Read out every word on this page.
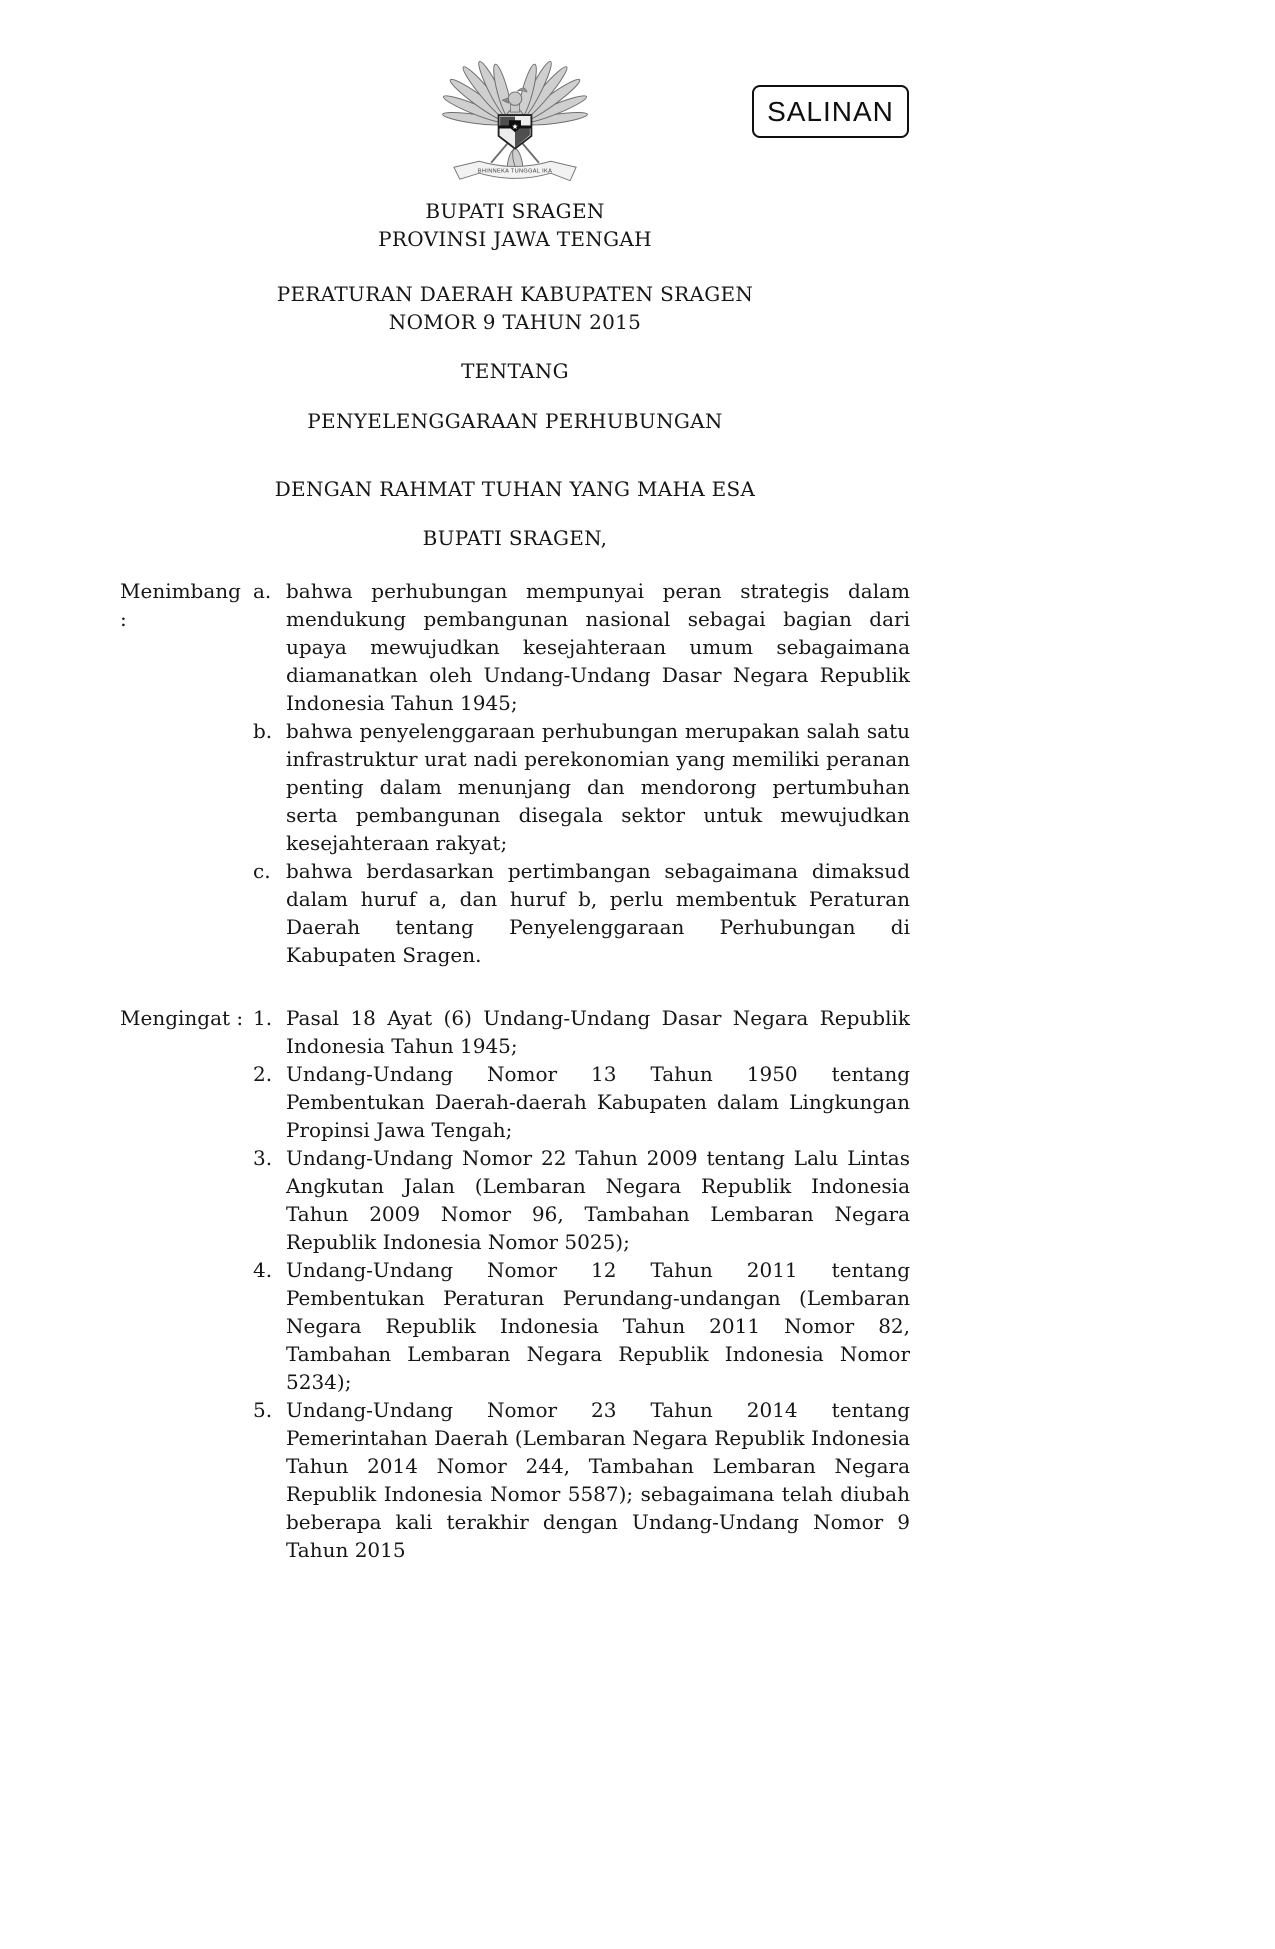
SALINAN
BHINNEKA TUNGGAL IKA
BUPATI SRAGEN
PROVINSI JAWA TENGAH
PERATURAN DAERAH KABUPATEN SRAGEN
NOMOR 9 TAHUN 2015
TENTANG
PENYELENGGARAAN PERHUBUNGAN
DENGAN RAHMAT TUHAN YANG MAHA ESA
BUPATI SRAGEN,
Menimbang :
a. bahwa perhubungan mempunyai peran strategis dalam mendukung pembangunan nasional sebagai bagian dari upaya mewujudkan kesejahteraan umum sebagaimana diamanatkan oleh Undang-Undang Dasar Negara Republik Indonesia Tahun 1945;
b. bahwa penyelenggaraan perhubungan merupakan salah satu infrastruktur urat nadi perekonomian yang memiliki peranan penting dalam menunjang dan mendorong pertumbuhan serta pembangunan disegala sektor untuk mewujudkan kesejahteraan rakyat;
c. bahwa berdasarkan pertimbangan sebagaimana dimaksud dalam huruf a, dan huruf b, perlu membentuk Peraturan Daerah tentang Penyelenggaraan Perhubungan di Kabupaten Sragen.
Mengingat : 1. Pasal 18 Ayat (6) Undang-Undang Dasar Negara Republik Indonesia Tahun 1945;
2. Undang-Undang Nomor 13 Tahun 1950 tentang Pembentukan Daerah-daerah Kabupaten dalam Lingkungan Propinsi Jawa Tengah;
3. Undang-Undang Nomor 22 Tahun 2009 tentang Lalu Lintas Angkutan Jalan (Lembaran Negara Republik Indonesia Tahun 2009 Nomor 96, Tambahan Lembaran Negara Republik Indonesia Nomor 5025);
4. Undang-Undang Nomor 12 Tahun 2011 tentang Pembentukan Peraturan Perundang-undangan (Lembaran Negara Republik Indonesia Tahun 2011 Nomor 82, Tambahan Lembaran Negara Republik Indonesia Nomor 5234);
5. Undang-Undang Nomor 23 Tahun 2014 tentang Pemerintahan Daerah (Lembaran Negara Republik Indonesia Tahun 2014 Nomor 244, Tambahan Lembaran Negara Republik Indonesia Nomor 5587); sebagaimana telah diubah beberapa kali terakhir dengan Undang-Undang Nomor 9 Tahun 2015
